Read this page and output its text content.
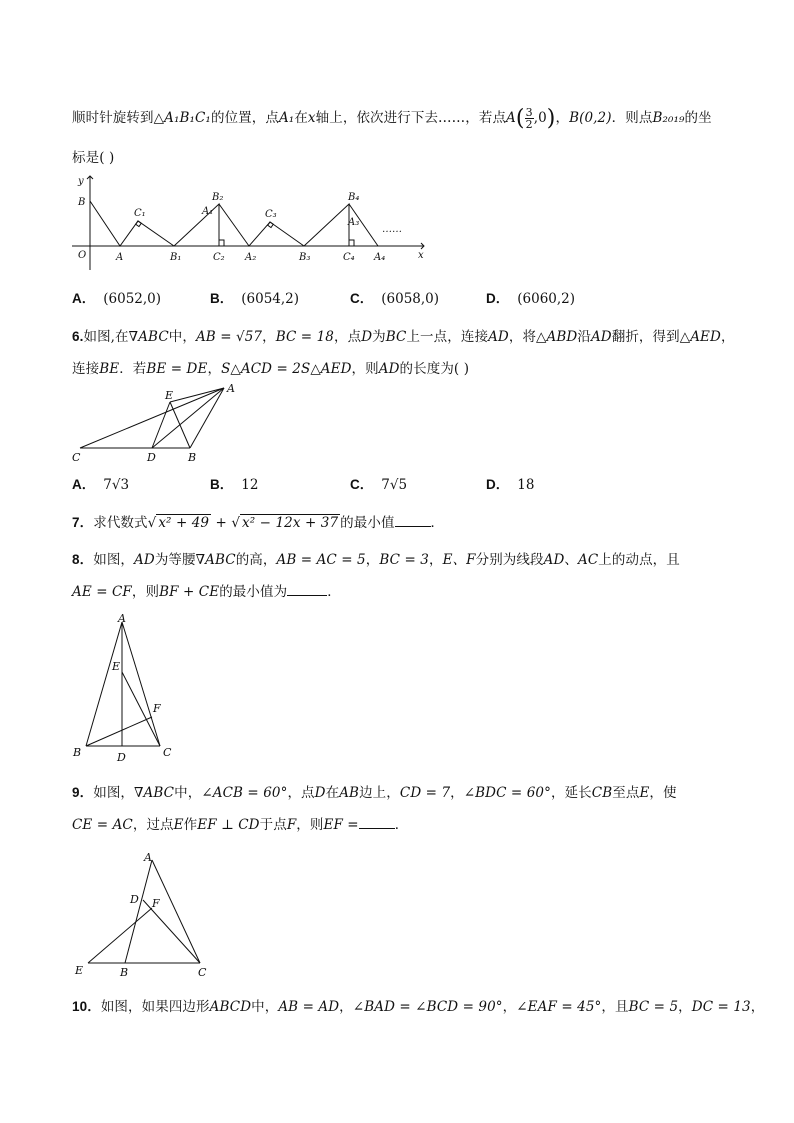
顺时针旋转到△A₁B₁C₁的位置，点A₁在x轴上，依次进行下去……，若点$A( \frac{3}{2} ,0)$，B(0,2)．则点B₂₀₁₉的坐
标是( )
y
x
O
B
A
C₁
B₁
B₂
A₁
C₂ A₂
C₃
B₃
B₄
A₃
C₄ A₄
……
A． (6052,0)	B． (6054,2)	C． (6058,0)	D． (6060,2)
6.如图,在∇ABC中，AB = √57，BC = 18，点D为BC上一点，连接AD，将△ABD沿AD翻折，得到△AED，
连接BE．若BE = DE，S△ACD = 2S△AED，则AD的长度为( )
E
A
C	D	B
A． 7√3	B． 12	C． 7√5	D． 18
7．求代数式√ x² + 49 + √ x² − 12x + 37 的最小值	．
8．如图，AD为等腰∇ABC的高，AB = AC = 5，BC = 3，E、F分别为线段AD、AC上的动点，且
AE = CF，则BF + CE的最小值为	．
A
E
F
B	D	C
9．如图，∇ABC中，∠ACB = 60°，点D在AB边上，CD = 7，∠BDC = 60°，延长CB至点E，使
CE = AC，过点E作EF ⊥ CD于点F，则EF =	．
A
D F
E	B	C
10．如图，如果四边形ABCD中，AB = AD，∠BAD = ∠BCD = 90°，∠EAF = 45°，且BC = 5，DC = 13，
